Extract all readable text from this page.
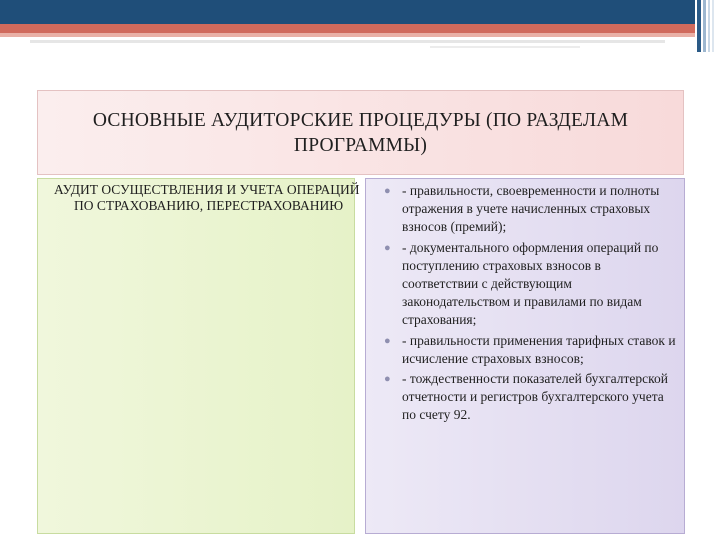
ОСНОВНЫЕ АУДИТОРСКИЕ ПРОЦЕДУРЫ (ПО РАЗДЕЛАМ ПРОГРАММЫ)

АУДИТ ОСУЩЕСТВЛЕНИЯ И УЧЕТА ОПЕРАЦИЙ ПО СТРАХОВАНИЮ, ПЕРЕСТРАХОВАНИЮ

● - правильности, своевременности и полноты отражения в учете начисленных страховых взносов (премий);
● - документального оформления операций по поступлению страховых взносов в соответствии с действующим законодательством и правилами по видам страхования;
● - правильности применения тарифных ставок и исчисление страховых взносов;
● - тождественности показателей бухгалтерской отчетности и регистров бухгалтерского учета по счету 92.
